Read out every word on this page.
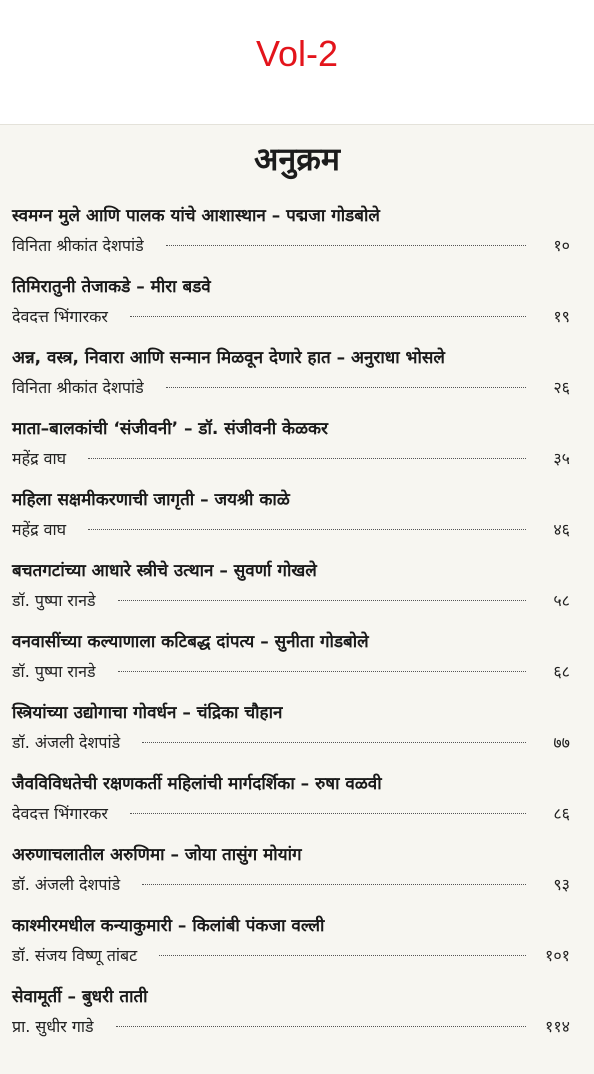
Vol-2
अनुक्रम
स्वमग्न मुले आणि पालक यांचे आशास्थान – पद्मजा गोडबोले
विनिता श्रीकांत देशपांडे	१०
तिमिरातुनी तेजाकडे – मीरा बडवे
देवदत्त भिंगारकर	१९
अन्न, वस्त्र, निवारा आणि सन्मान मिळवून देणारे हात – अनुराधा भोसले
विनिता श्रीकांत देशपांडे	२६
माता–बालकांची ‘संजीवनी’ – डॉ. संजीवनी केळकर
महेंद्र वाघ	३५
महिला सक्षमीकरणाची जागृती – जयश्री काळे
महेंद्र वाघ	४६
बचतगटांच्या आधारे स्त्रीचे उत्थान – सुवर्णा गोखले
डॉ. पुष्पा रानडे	५८
वनवासींच्या कल्याणाला कटिबद्ध दांपत्य – सुनीता गोडबोले
डॉ. पुष्पा रानडे	६८
स्त्रियांच्या उद्योगाचा गोवर्धन – चंद्रिका चौहान
डॉ. अंजली देशपांडे	७७
जैवविविधतेची रक्षणकर्ती महिलांची मार्गदर्शिका – रुषा वळवी
देवदत्त भिंगारकर	८६
अरुणाचलातील अरुणिमा – जोया तासुंग मोयांग
डॉ. अंजली देशपांडे	९३
काश्मीरमधील कन्याकुमारी – किलांबी पंकजा वल्ली
डॉ. संजय विष्णू तांबट	१०१
सेवामूर्ती – बुधरी ताती
प्रा. सुधीर गाडे	११४
